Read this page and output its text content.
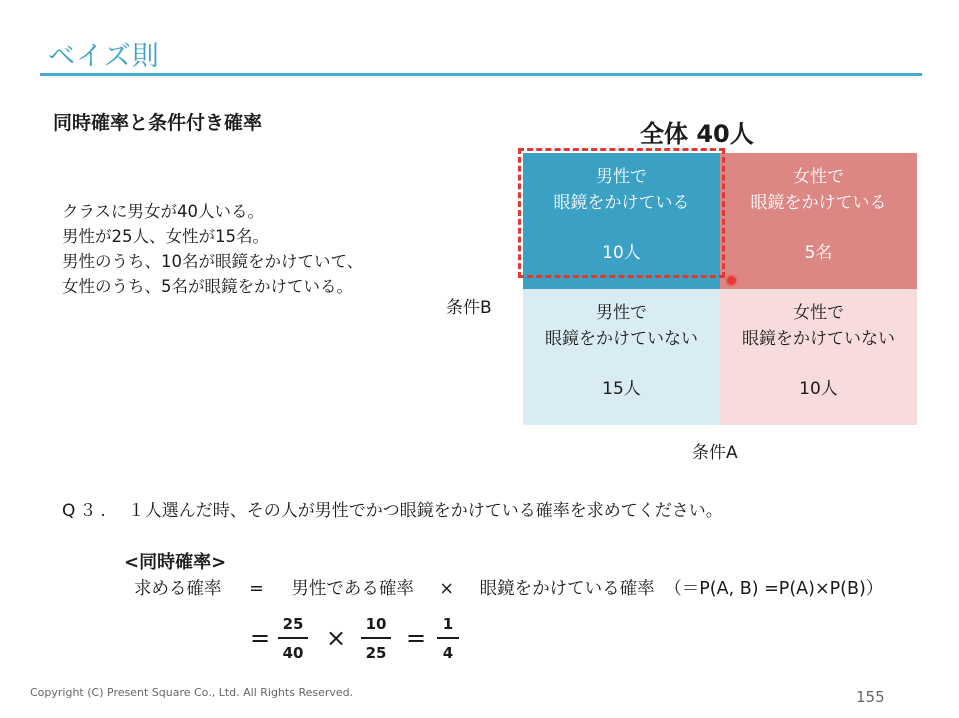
ベイズ則
同時確率と条件付き確率
クラスに男女が40人いる。
男性が25人、女性が15名。
男性のうち、10名が眼鏡をかけていて、
女性のうち、5名が眼鏡をかけている。
全体 40人
男性で
眼鏡をかけている
10人
女性で
眼鏡をかけている
5名
男性で
眼鏡をかけていない
15人
女性で
眼鏡をかけていない
10人
条件B
条件A
Q３. １人選んだ時、その人が男性でかつ眼鏡をかけている確率を求めてください。
<同時確率>
求める確率 = 男性である確率 × 眼鏡をかけている確率 （＝P(A, B) =P(A)×P(B)）
= 25
40
×	10
25
=	1
4
Copyright (C) Present Square Co., Ltd. All Rights Reserved.	155
